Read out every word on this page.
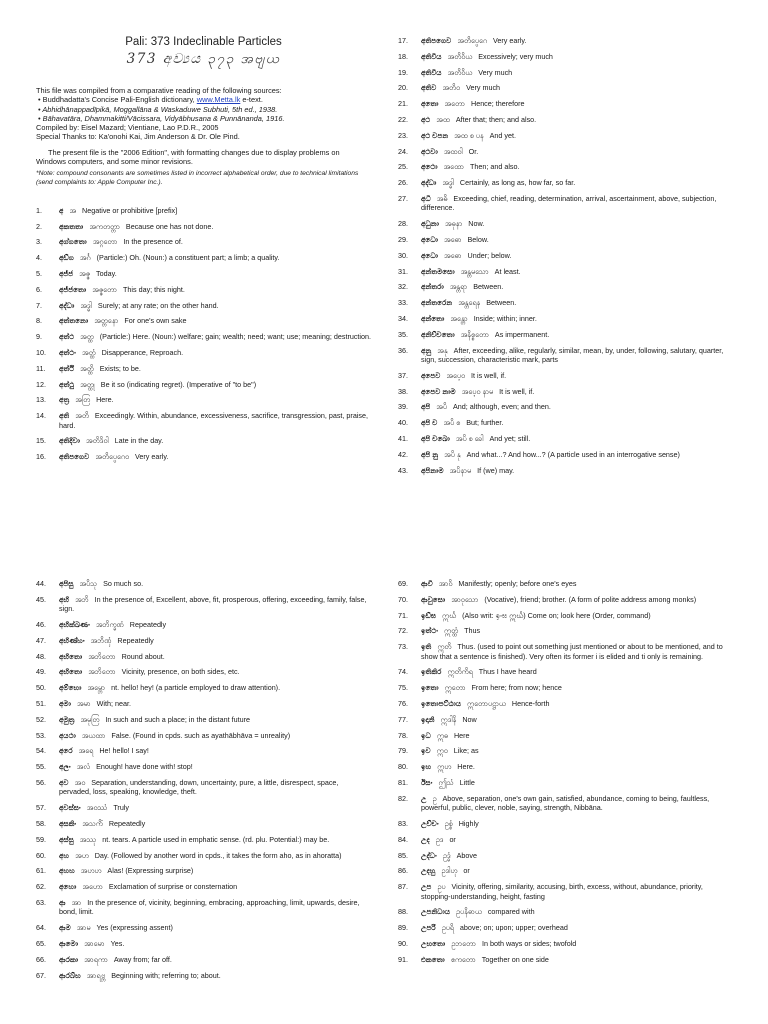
Pali: 373 Indeclinable Particles
373 අව්‍යය ၃၇၃ အဗျယ

This file was compiled from a comparative reading of the following sources:

• Buddhadatta's Concise Pali-English dictionary, www.Metta.lk e-text.

• Abhidhānappadīpikā, Moggallāna & Waskaduwe Subhuti, 5th ed., 1938.

• Bāhavatāra, Dhammakitti/Vācissara, Vidyābhusana & Punnānanda, 1916.

Compiled by: Eisel Mazard; Vientiane, Lao P.D.R., 2005

Special Thanks to: Ka'onohi Kai, Jim Anderson & Dr. Ole Pind.

The present file is the "2006 Edition", with formatting changes due to display problems on Windows computers, and some minor revisions.

*Note: compound consonants are sometimes listed in incorrect alphabetical order, due to technical limitations (send complaints to: Apple Computer Inc.).

1.	අ အ Negative or prohibitive [prefix]
2.	අකතතා အကတတ္တာ Because one has not done.
3.	අග්ගතො အဂ္ဂတော In the presence of.
4.	අඩ්ග အင်္ဂ (Particle:) Oh. (Noun:) a constituent part; a limb; a quality.
5.	අජ්ජ အဇ္ဇ Today.
6.	අජ්ජතො အဇ္ဇတော This day; this night.
7.	අද්ධා အဒ္ဓါ Surely; at any rate; on the other hand.
8.	අත්තනො အတ္တနော For one's own sake
9.	අත්ථ အတ္ထ (Particle:) Here. (Noun:) welfare; gain; wealth; need; want; use; meaning; destruction.
10.	අත්ථං အတ္ထံ Disapperance, Reproach.
11.	අත්ථි အတ္ထိ Exists; to be.
12.	අත්ථු အတ္ထု Be it so (indicating regret). (Imperative of "to be")
13.	අත්‍ර အတြ Here.
14.	අති အတိ Exceedingly. Within, abundance, excessiveness, sacrifice, transgression, past, praise, hard.
15.	අතිදිවා အတိဒိဝါ Late in the day.
16.	අතිපගෙව အတိပ္ပေဂေဝ Very early.
17.	අතිපගෙව အတိပ္ပေဂေ Very early.
18.	අතිවිය အတိဝိယ Excessively; very much
19.	අතිවිය အတိဝိယ Very much
20.	අතිව အတိဝ Very much
21.	අතො အတော Hence; therefore
22.	අථ အထ After that; then; and also.
23.	අථ චපන အထ စ ပန And yet.
24.	අථවා အထဝါ Or.
25.	අථො အထော Then; and also.
26.	අද්ධා အဒ္ဓါ Certainly, as long as, how far, so far.
27.	අධි အဓိ Exceeding, chief, reading, determination, arrival, ascertainment, above, subjection, difference.
28.	අධුනා အဓုနာ Now.
29.	අධො အဓော Below.
30.	අධො အဓော Under; below.
31.	අන්තමසො အန္တမသော At least.
32.	අන්තරා အန္တရာ Between.
33.	අන්තරෙන အန္တရေန Between.
34.	අන්තො အန္တော Inside; within; inner.
35.	අනිච්චතො အနိစ္စတော As impermanent.
36.	අනු အနု After, exceeding, alike, regularly, similar, mean, by, under, following, salutary, quarter, sign, succession, characteristic mark, parts
37.	අපෙව အပေ့ဝ It is well, if.
38.	අපෙව නාම အပေ့ဝ နာမ It is well, if.
39.	අපි အပိ And; although, even; and then.
40.	අපි ච အပိ စ But; further.
41.	අපි චඛො အပိ စ ခေါ And yet; still.
42.	අපි නු အပိ နု And what...? And how...? (A particle used in an interrogative sense)
43.	අපිනාම အပိနာမ If (we) may.
44.	අපිසු အပိသု So much so.
45.	අභි အဘိ In the presence of, Excellent, above, fit, prosperous, offering, exceeding, family, false, sign.
46.	අභික්ඛණං အဘိက္ခဏံ Repeatedly
47.	අභිණ්හං အဘိဏှံ Repeatedly
48.	අභිතො အဘိတော Round about.
49.	අභිතො အဘိတော Vicinity, presence, on both sides, etc.
50.	අම්භො အမ္ဘော nt. hello! hey! (a particle employed to draw attention).
51.	අමා အမာ With; near.
52.	අමුත්‍ර အမုတြ In such and such a place; in the distant future
53.	අයථා အယထာ False. (Found in cpds. such as ayathābhāva = unreality)
54.	අරෙ အရေ He! hello! I say!
55.	අලං အလံ Enough! have done with! stop!
56.	අව အဝ Separation, understanding, down, uncertainty, pure, a little, disrespect, space, pervaded, loss, speaking, knowledge, theft.
57.	අවස්සං အဝဿံ Truly
58.	අසකිං အသကိံ Repeatedly
59.	අස්සු အဿု nt. tears. A particle used in emphatic sense. (rd. plu. Potential:) may be.
60.	අහ အဟ Day. (Followed by another word in cpds., it takes the form aho, as in ahoratta)
61.	අහහ အဟဟ Alas! (Expressing surprise)
62.	අහො အဟော Exclamation of surprise or consternation
63.	ආ အာ In the presence of, vicinity, beginning, embracing, approaching, limit, upwards, desire, bond, limit.
64.	ආම အာမ Yes (expressing assent)
65.	ආමො အာမော Yes.
66.	ආරකා အာရကာ Away from; far off.
67.	ආරබ්භ အာရဗ္ဘ Beginning with; referring to; about.
69.	ආවි အာဝိ Manifestly; openly; before one's eyes
70.	ආවුසො အာဝုသော (Vocative), friend; brother. (A form of polite address among monks)
71.	ඉඩ්ඝ ဣင်္ဃ (Also writ: ඉංඝ ဣင်္ဃ) Come on; look here (Order, command)
72.	ඉත්ථං ဣတ္ထံ Thus
73.	ඉති ဣတိ Thus. (used to point out something just mentioned or about to be mentioned, and to show that a sentence is finished). Very often its former i is elided and ti only is remaining.
74.	ඉතිකිර ဣတိကိရ Thus I have heard
75.	ඉතො ဣတော From here; from now; hence
76.	ඉතොපට්ඨාය ဣတောပဋ္ဌာယ Hence-forth
77.	ඉදානි ဣဒါနိ Now
78.	ඉධ ဣဓ Here
79.	ඉව ဣဝ Like; as
80.	ඉහ ဣဟ Here.
81.	ඊසං ဤသံ Little
82.	උ ဥ Above, separation, one's own gain, satisfied, abundance, coming to being, faultless, powerful, public, clever, noble, saying, strength, Nibbāna.
83.	උච්චං ဥစ္စံ Highly
84.	උද ဥဒ or
85.	උද්ධං ဥဒ္ဓံ Above
86.	උදහු ဥဒါဟု or
87.	උප ဥပ Vicinity, offering, similarity, accusing, birth, excess, without, abundance, priority, stopping-understanding, height, fasting
88.	උපනිධාය ဥပနိဓာယ compared with
89.	උපරි ဥပရိ above; on; upon; upper; overhead
90.	උභතො ဥဘတော In both ways or sides; twofold
91.	එකතො ဧကတော Together on one side
